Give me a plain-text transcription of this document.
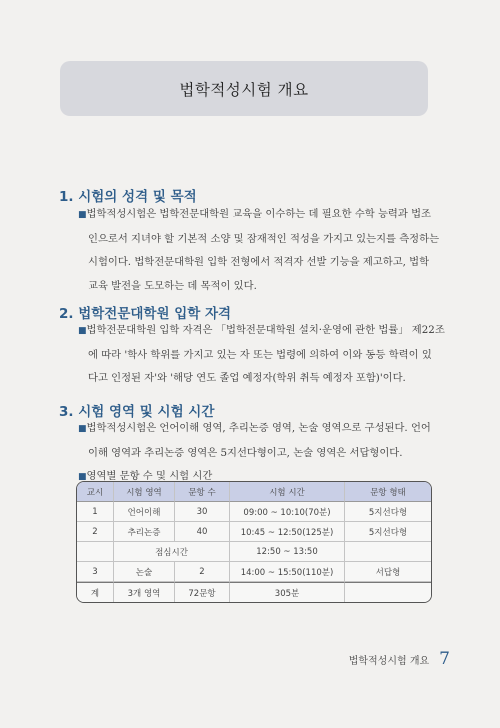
법학적성시험 개요
1. 시험의 성격 및 목적
■법학적성시험은 법학전문대학원 교육을 이수하는 데 필요한 수학 능력과 법조
인으로서 지녀야 할 기본적 소양 및 잠재적인 적성을 가지고 있는지를 측정하는
시험이다. 법학전문대학원 입학 전형에서 적격자 선발 기능을 제고하고, 법학
교육 발전을 도모하는 데 목적이 있다.
2. 법학전문대학원 입학 자격
■법학전문대학원 입학 자격은 「법학전문대학원 설치·운영에 관한 법률」 제22조
에 따라 '학사 학위를 가지고 있는 자 또는 법령에 의하여 이와 동등 학력이 있
다고 인정된 자'와 '해당 연도 졸업 예정자(학위 취득 예정자 포함)'이다.
3. 시험 영역 및 시험 시간
■법학적성시험은 언어이해 영역, 추리논증 영역, 논술 영역으로 구성된다. 언어
이해 영역과 추리논증 영역은 5지선다형이고, 논술 영역은 서답형이다.
■영역별 문항 수 및 시험 시간
교시	시험 영역	문항 수	시험 시간	문항 형태
1	언어이해	30	09:00 ~ 10:10(70분)	5지선다형
2	추리논증	40	10:45 ~ 12:50(125분)	5지선다형
	점심시간		12:50 ~ 13:50	
3	논술	2	14:00 ~ 15:50(110분)	서답형
계	3개 영역	72문항	305분	
법학적성시험 개요 7
